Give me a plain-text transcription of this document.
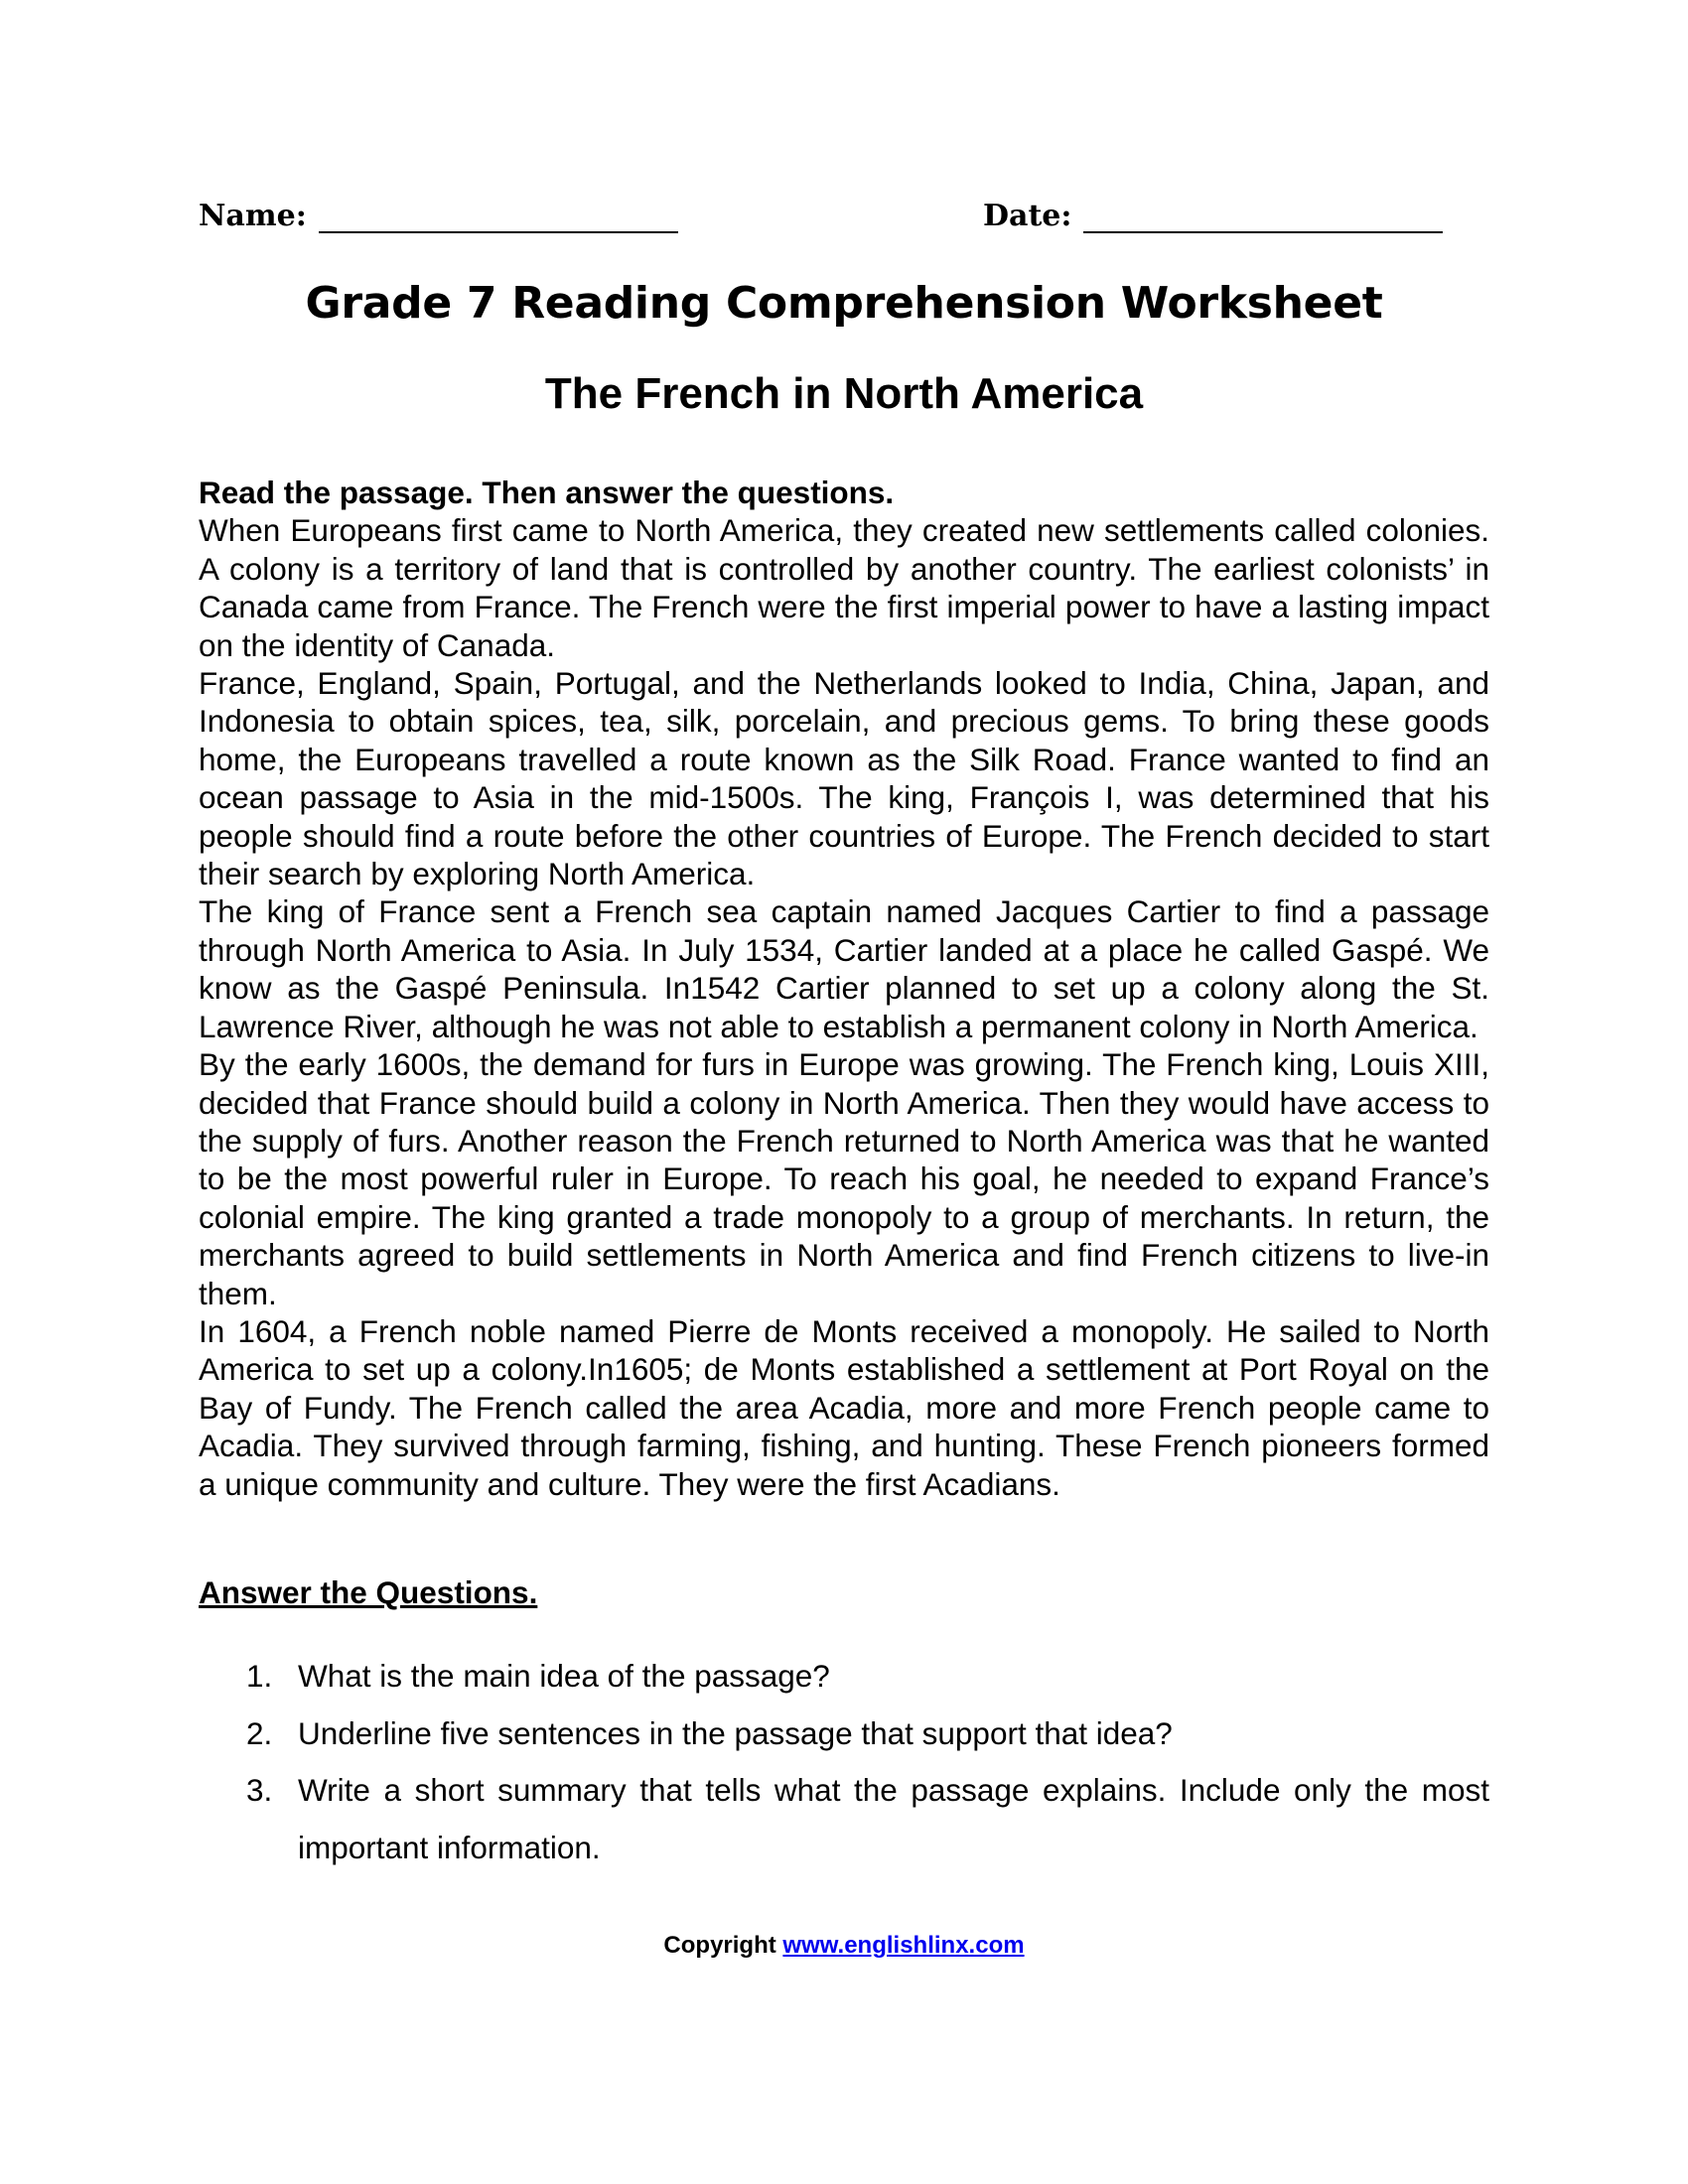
Name:	Date:
Grade 7 Reading Comprehension Worksheet
The French in North America
Read the passage. Then answer the questions.

When Europeans first came to North America, they created new settlements called colonies. A colony is a territory of land that is controlled by another country. The earliest colonists’ in Canada came from France. The French were the first imperial power to have a lasting impact on the identity of Canada.

France, England, Spain, Portugal, and the Netherlands looked to India, China, Japan, and Indonesia to obtain spices, tea, silk, porcelain, and precious gems. To bring these goods home, the Europeans travelled a route known as the Silk Road. France wanted to find an ocean passage to Asia in the mid-1500s. The king, François I, was determined that his people should find a route before the other countries of Europe. The French decided to start their search by exploring North America.

The king of France sent a French sea captain named Jacques Cartier to find a passage through North America to Asia. In July 1534, Cartier landed at a place he called Gaspé. We know as the Gaspé Peninsula. In1542 Cartier planned to set up a colony along the St. Lawrence River, although he was not able to establish a permanent colony in North America.

By the early 1600s, the demand for furs in Europe was growing. The French king, Louis XIII, decided that France should build a colony in North America. Then they would have access to the supply of furs. Another reason the French returned to North America was that he wanted to be the most powerful ruler in Europe. To reach his goal, he needed to expand France’s colonial empire. The king granted a trade monopoly to a group of merchants. In return, the merchants agreed to build settlements in North America and find French citizens to live-in them.

In 1604, a French noble named Pierre de Monts received a monopoly. He sailed to North America to set up a colony.In1605; de Monts established a settlement at Port Royal on the Bay of Fundy. The French called the area Acadia, more and more French people came to Acadia. They survived through farming, fishing, and hunting. These French pioneers formed a unique community and culture. They were the first Acadians.

Answer the Questions.
1. What is the main idea of the passage?
2. Underline five sentences in the passage that support that idea?
3. Write a short summary that tells what the passage explains. Include only the most important information.
Copyright www.englishlinx.com
